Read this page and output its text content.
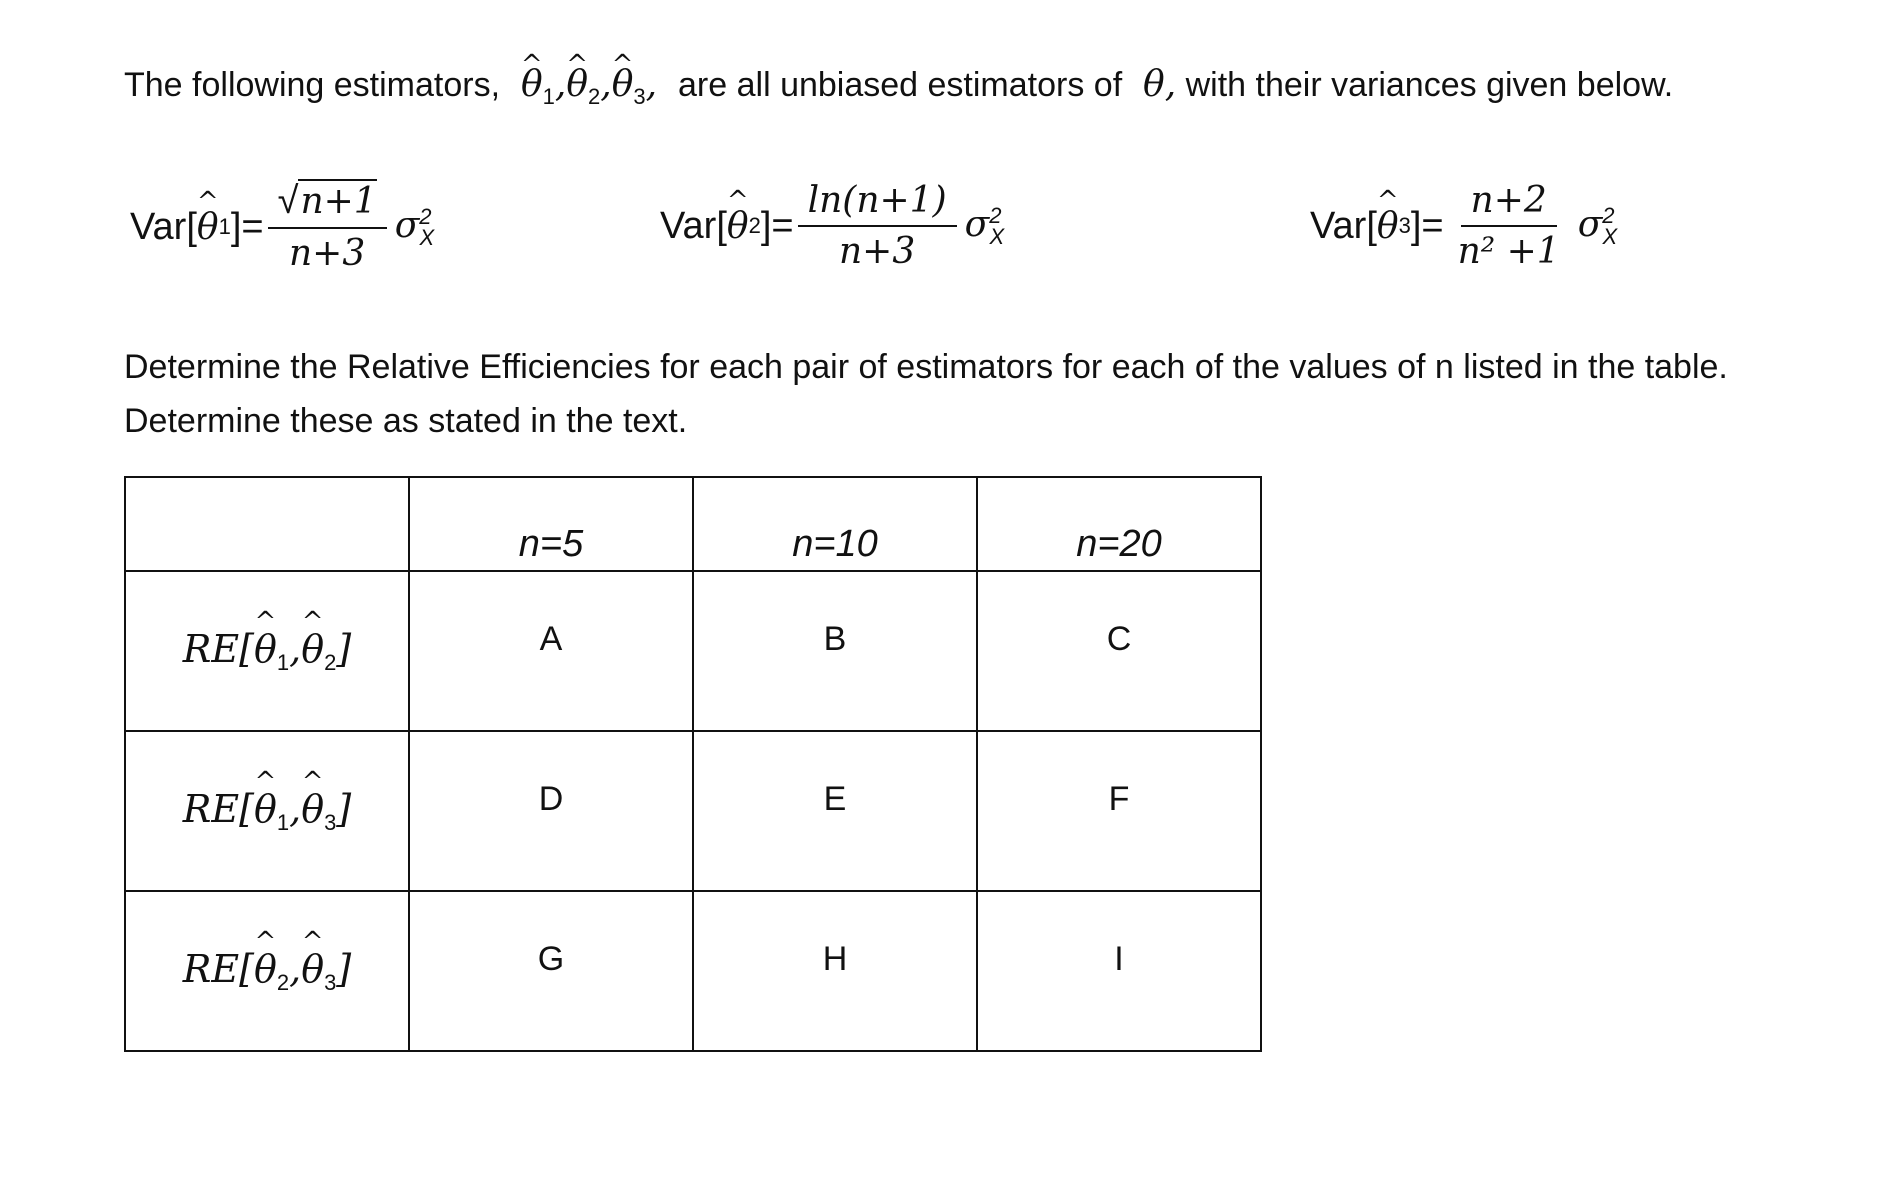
The following estimators, ^ $\theta_1,\^{}$ $\theta_2,\^{}$ $\theta_3$,  are all unbiased estimators of  θ, with their variances given below.
Var [ ^ θ 1 ]= $\frac{√n+1}{n+3} \sigma^2_X$	Var [ ^ θ 2 ]= $\frac{\ln(n+1)}{n+3} \sigma^2_X$	Var [ ^ θ 3 ]= $\frac{n+2}{\text{n² +1}} \sigma^2_X$
Determine the Relative Efficiencies for each pair of estimators for each of the values of n listed in the table. Determine these as stated in the text.
	n=5	n=10	n=20
RE[^ $\theta_1,\^{}$ $\theta_2$]	A	B	C
RE[^ $\theta_1,\^{}$ $\theta_3$]	D	E	F
RE[^ $\theta_2,\^{}$ $\theta_3$]	G	H	I
